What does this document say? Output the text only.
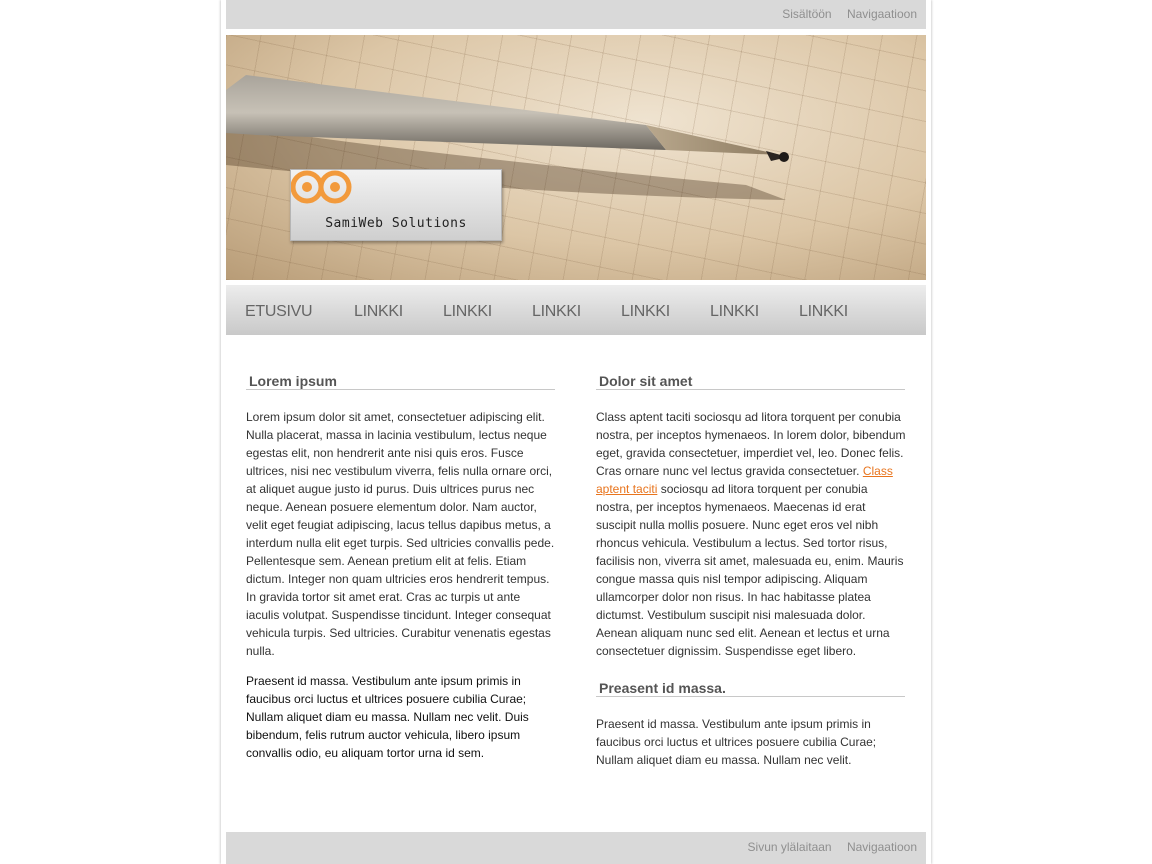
Sisältöön Navigaatioon
SamiWeb Solutions
ETUSIVU	LINKKI	LINKKI	LINKKI	LINKKI	LINKKI	LINKKI
Lorem ipsum

Lorem ipsum dolor sit amet, consectetuer adipiscing elit. Nulla placerat, massa in lacinia vestibulum, lectus neque egestas elit, non hendrerit ante nisi quis eros. Fusce ultrices, nisi nec vestibulum viverra, felis nulla ornare orci, at aliquet augue justo id purus. Duis ultrices purus nec neque. Aenean posuere elementum dolor. Nam auctor, velit eget feugiat adipiscing, lacus tellus dapibus metus, a interdum nulla elit eget turpis. Sed ultricies convallis pede. Pellentesque sem. Aenean pretium elit at felis. Etiam dictum. Integer non quam ultricies eros hendrerit tempus. In gravida tortor sit amet erat. Cras ac turpis ut ante iaculis volutpat. Suspendisse tincidunt. Integer consequat vehicula turpis. Sed ultricies. Curabitur venenatis egestas nulla.

Praesent id massa. Vestibulum ante ipsum primis in faucibus orci luctus et ultrices posuere cubilia Curae; Nullam aliquet diam eu massa. Nullam nec velit. Duis bibendum, felis rutrum auctor vehicula, libero ipsum convallis odio, eu aliquam tortor urna id sem.

Dolor sit amet

Class aptent taciti sociosqu ad litora torquent per conubia nostra, per inceptos hymenaeos. In lorem dolor, bibendum eget, gravida consectetuer, imperdiet vel, leo. Donec felis. Cras ornare nunc vel lectus gravida consectetuer. Class aptent taciti sociosqu ad litora torquent per conubia nostra, per inceptos hymenaeos. Maecenas id erat suscipit nulla mollis posuere. Nunc eget eros vel nibh rhoncus vehicula. Vestibulum a lectus. Sed tortor risus, facilisis non, viverra sit amet, malesuada eu, enim. Mauris congue massa quis nisl tempor adipiscing. Aliquam ullamcorper dolor non risus. In hac habitasse platea dictumst. Vestibulum suscipit nisi malesuada dolor. Aenean aliquam nunc sed elit. Aenean et lectus et urna consectetuer dignissim. Suspendisse eget libero.

Preasent id massa.

Praesent id massa. Vestibulum ante ipsum primis in faucibus orci luctus et ultrices posuere cubilia Curae; Nullam aliquet diam eu massa. Nullam nec velit.

Sivun ylälaitaan Navigaatioon
